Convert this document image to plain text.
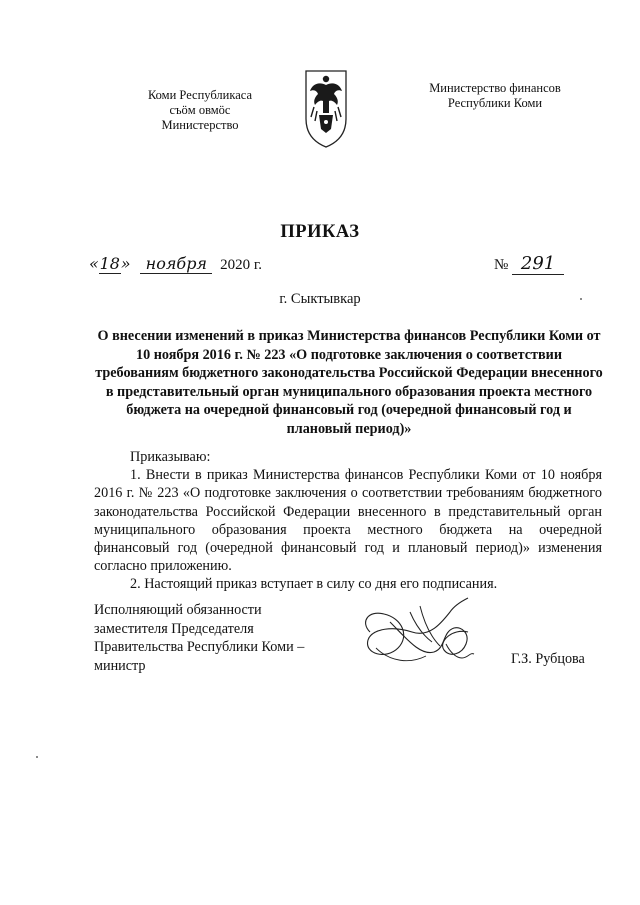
Коми Республикаса
съӧм овмӧс
Министерство
Министерство финансов
Республики Коми
ПРИКАЗ
«18» ноября 2020 г.	№ 291
г. Сыктывкар
О внесении изменений в приказ Министерства финансов Республики Коми от 10 ноября 2016 г. № 223 «О подготовке заключения о соответствии требованиям бюджетного законодательства Российской Федерации внесенного в представительный орган муниципального образования проекта местного бюджета на очередной финансовый год (очередной финансовый год и плановый период)»

Приказываю:

1. Внести в приказ Министерства финансов Республики Коми от 10 ноября 2016 г. № 223 «О подготовке заключения о соответствии требованиям бюджетного законодательства Российской Федерации внесенного в представительный орган муниципального образования проекта местного бюджета на очередной финансовый год (очередной финансовый год и плановый период)» изменения согласно приложению.

2. Настоящий приказ вступает в силу со дня его подписания.

Исполняющий обязанности
заместителя Председателя
Правительства Республики Коми –
министр	Г.З. Рубцова
